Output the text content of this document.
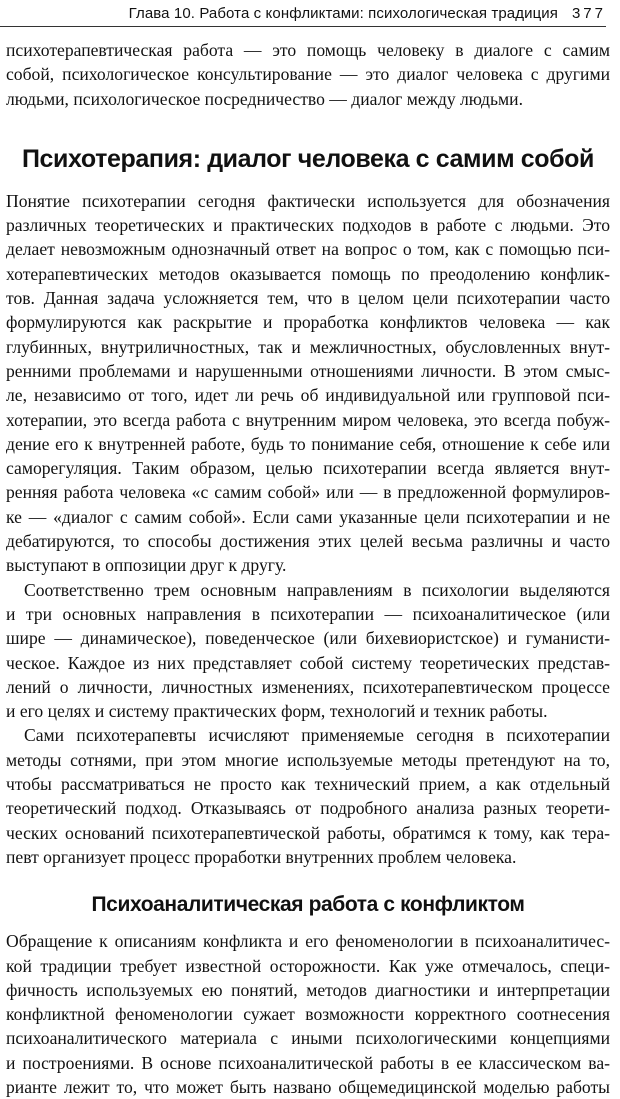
Глава 10. Работа с конфликтами: психологическая традиция 377
психотерапевтическая работа — это помощь человеку в диалоге с самим
собой, психологическое консультирование — это диалог человека с другими
людьми, психологическое посредничество — диалог между людьми.
Психотерапия: диалог человека с самим собой
Понятие психотерапии сегодня фактически используется для обозначения
различных теоретических и практических подходов в работе с людьми. Это
делает невозможным однозначный ответ на вопрос о том, как с помощью пси-
хотерапевтических методов оказывается помощь по преодолению конфлик-
тов. Данная задача усложняется тем, что в целом цели психотерапии часто
формулируются как раскрытие и проработка конфликтов человека — как
глубинных, внутриличностных, так и межличностных, обусловленных внут-
ренними проблемами и нарушенными отношениями личности. В этом смыс-
ле, независимо от того, идет ли речь об индивидуальной или групповой пси-
хотерапии, это всегда работа с внутренним миром человека, это всегда побуж-
дение его к внутренней работе, будь то понимание себя, отношение к себе или
саморегуляция. Таким образом, целью психотерапии всегда является внут-
ренняя работа человека «с самим собой» или — в предложенной формулиров-
ке — «диалог с самим собой». Если сами указанные цели психотерапии и не
дебатируются, то способы достижения этих целей весьма различны и часто
выступают в оппозиции друг к другу.
Соответственно трем основным направлениям в психологии выделяются
и три основных направления в психотерапии — психоаналитическое (или
шире — динамическое), поведенческое (или бихевиористское) и гуманисти-
ческое. Каждое из них представляет собой систему теоретических представ-
лений о личности, личностных изменениях, психотерапевтическом процессе
и его целях и систему практических форм, технологий и техник работы.
Сами психотерапевты исчисляют применяемые сегодня в психотерапии
методы сотнями, при этом многие используемые методы претендуют на то,
чтобы рассматриваться не просто как технический прием, а как отдельный
теоретический подход. Отказываясь от подробного анализа разных теорети-
ческих оснований психотерапевтической работы, обратимся к тому, как тера-
певт организует процесс проработки внутренних проблем человека.
Психоаналитическая работа с конфликтом
Обращение к описаниям конфликта и его феноменологии в психоаналитичес-
кой традиции требует известной осторожности. Как уже отмечалось, специ-
фичность используемых ею понятий, методов диагностики и интерпретации
конфликтной феноменологии сужает возможности корректного соотнесения
психоаналитического материала с иными психологическими концепциями
и построениями. В основе психоаналитической работы в ее классическом ва-
рианте лежит то, что может быть названо общемедицинской моделью работы
